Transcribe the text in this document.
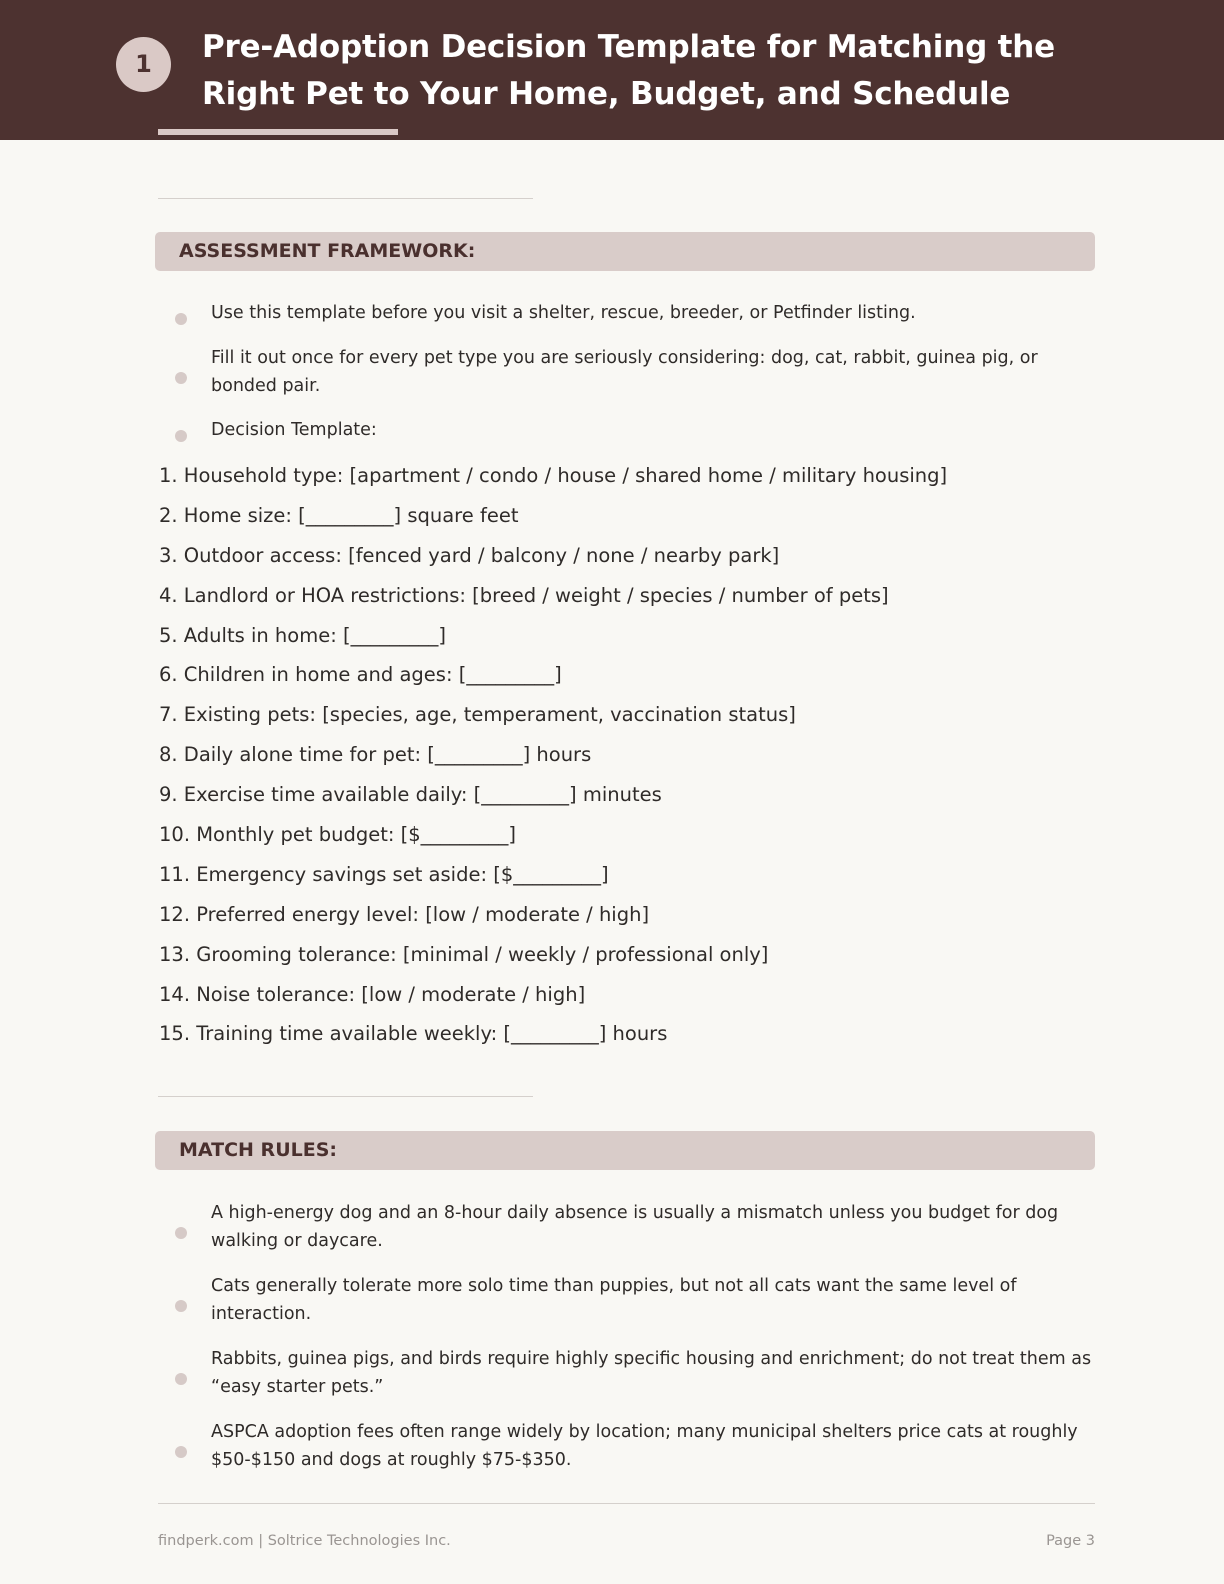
1	Pre-Adoption Decision Template for Matching the Right Pet to Your Home, Budget, and Schedule
ASSESSMENT FRAMEWORK:
Use this template before you visit a shelter, rescue, breeder, or Petfinder listing.
Fill it out once for every pet type you are seriously considering: dog, cat, rabbit, guinea pig, or bonded pair.
Decision Template:
1. Household type: [apartment / condo / house / shared home / military housing]
2. Home size: [_________] square feet
3. Outdoor access: [fenced yard / balcony / none / nearby park]
4. Landlord or HOA restrictions: [breed / weight / species / number of pets]
5. Adults in home: [_________]
6. Children in home and ages: [_________]
7. Existing pets: [species, age, temperament, vaccination status]
8. Daily alone time for pet: [_________] hours
9. Exercise time available daily: [_________] minutes
10. Monthly pet budget: [$_________]
11. Emergency savings set aside: [$_________]
12. Preferred energy level: [low / moderate / high]
13. Grooming tolerance: [minimal / weekly / professional only]
14. Noise tolerance: [low / moderate / high]
15. Training time available weekly: [_________] hours
MATCH RULES:
A high-energy dog and an 8-hour daily absence is usually a mismatch unless you budget for dog walking or daycare.
Cats generally tolerate more solo time than puppies, but not all cats want the same level of interaction.
Rabbits, guinea pigs, and birds require highly specific housing and enrichment; do not treat them as “easy starter pets.”
ASPCA adoption fees often range widely by location; many municipal shelters price cats at roughly $50-$150 and dogs at roughly $75-$350.
findperk.com | Soltrice Technologies Inc.	Page 3
